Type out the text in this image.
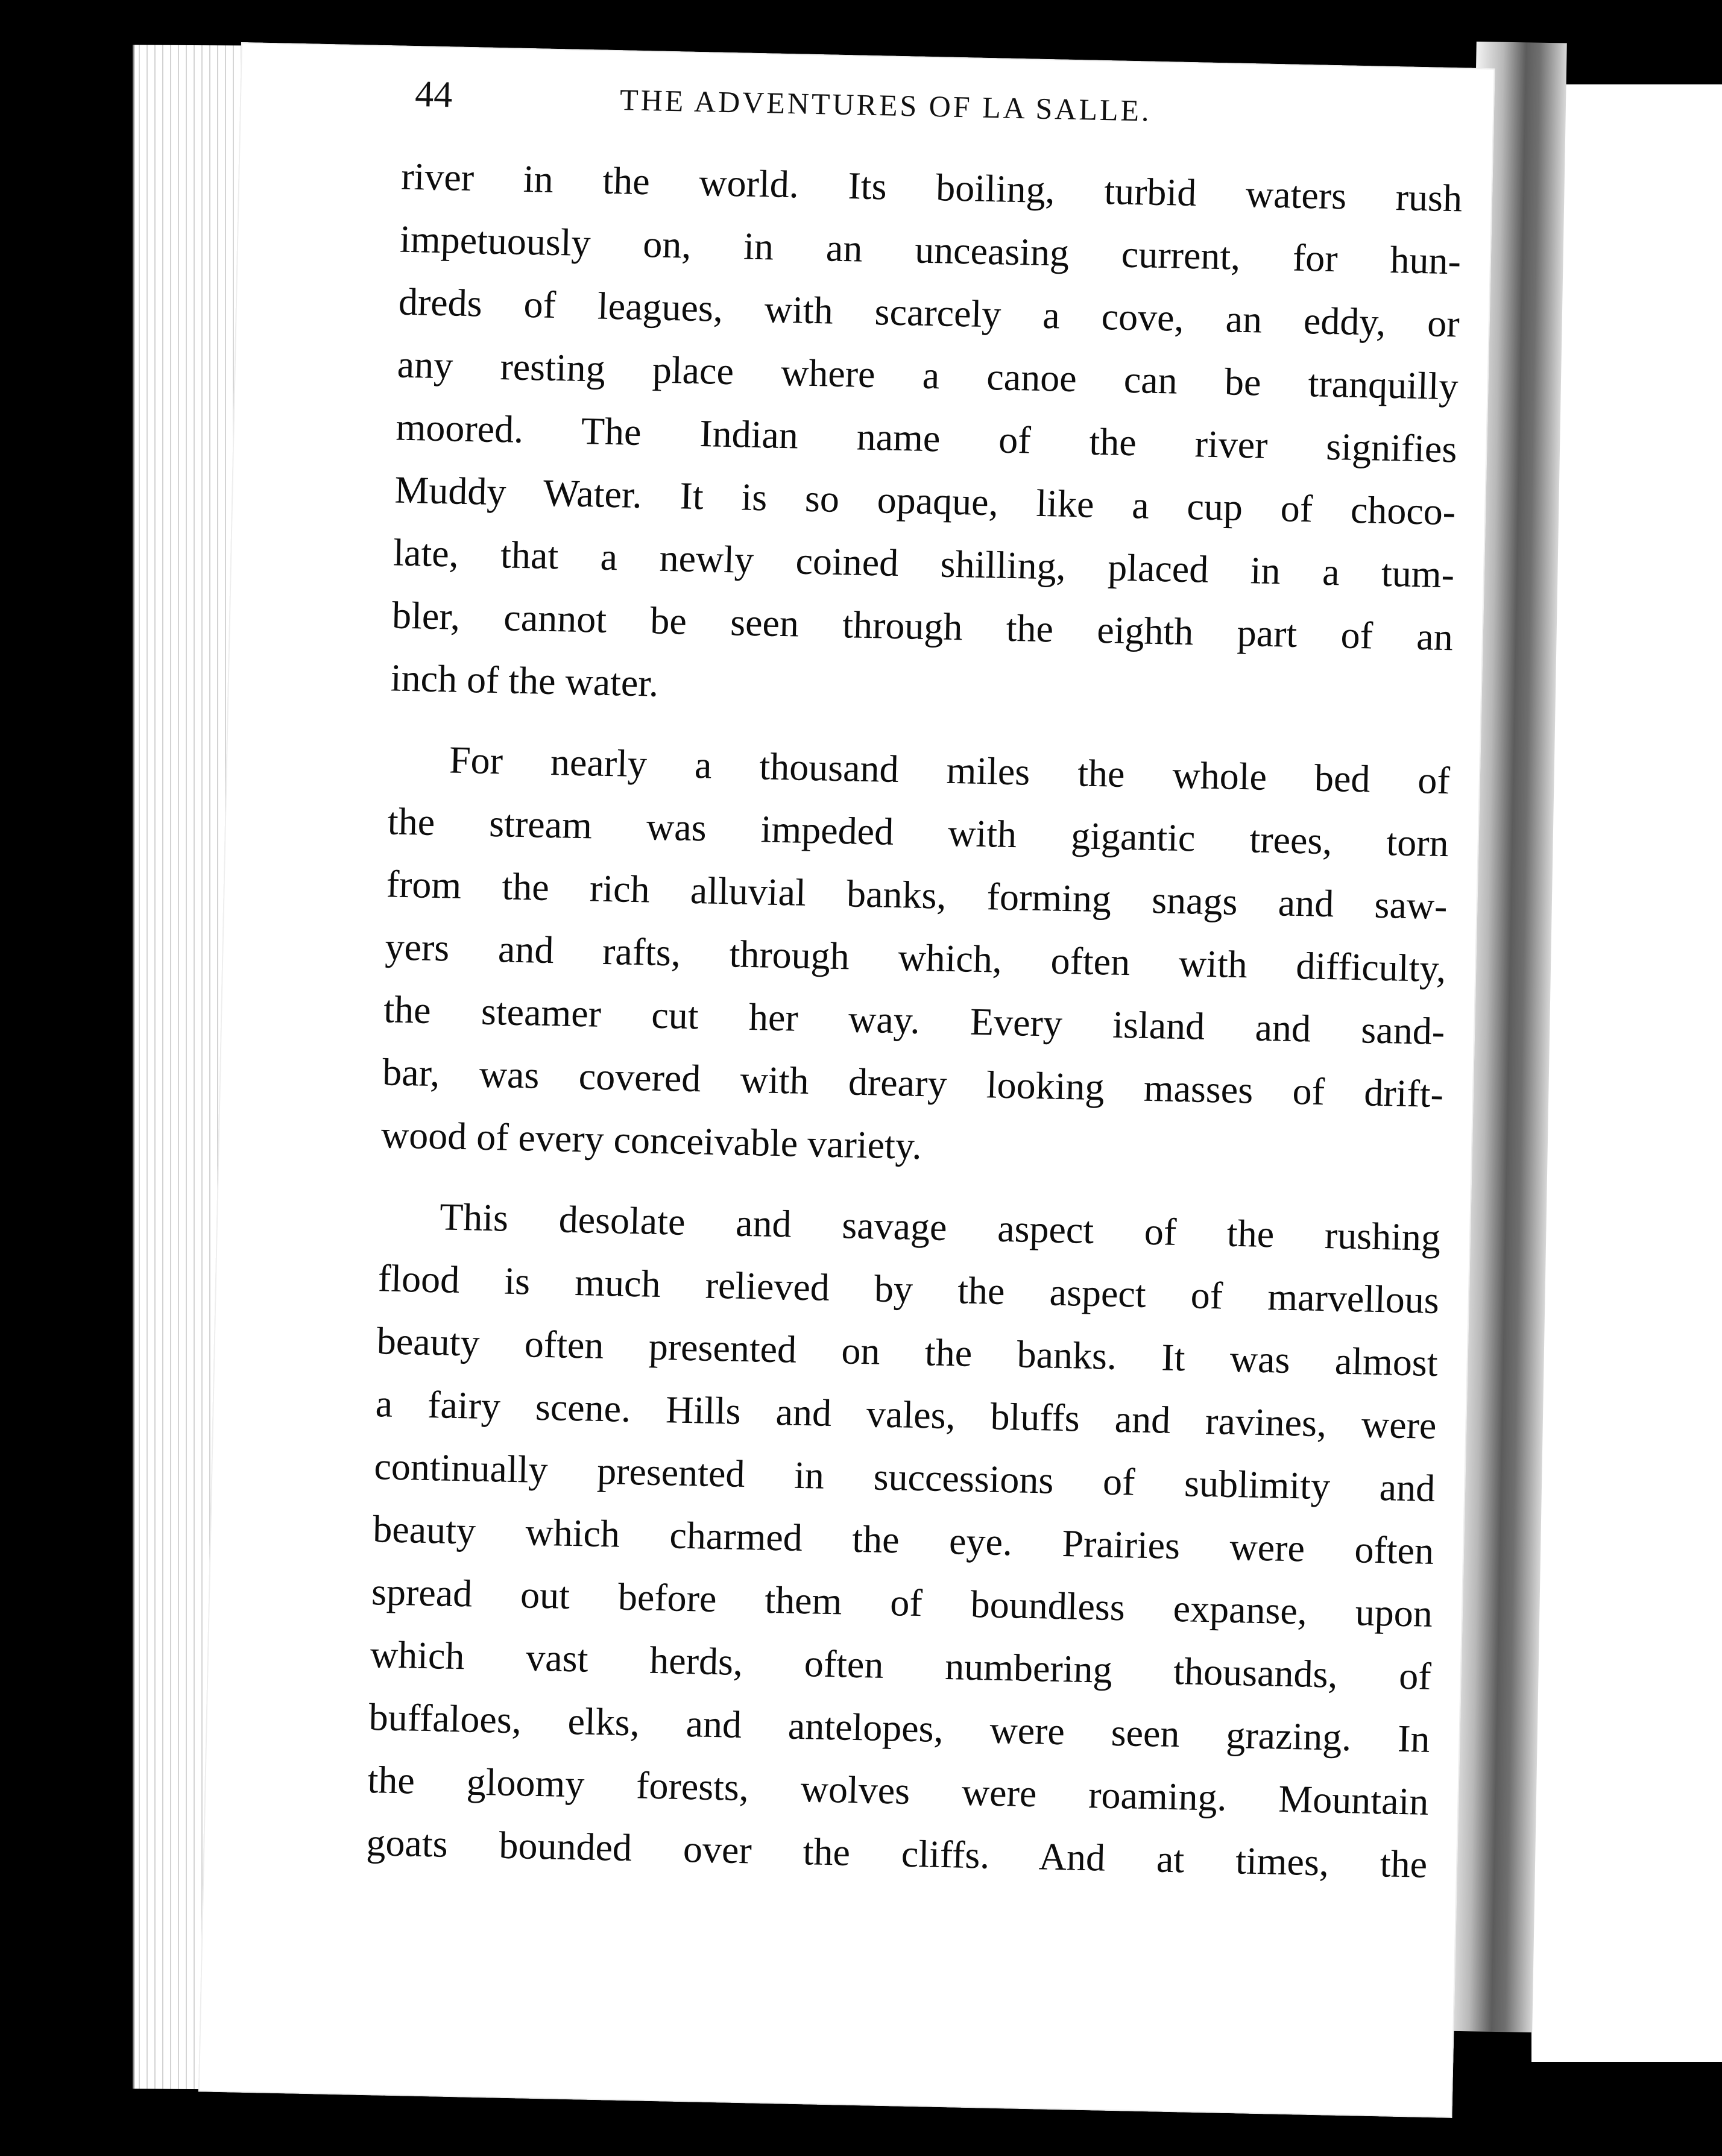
44	THE ADVENTURES OF LA SALLE.
river in the world. Its boiling, turbid waters rush
impetuously on, in an unceasing current, for hun-
dreds of leagues, with scarcely a cove, an eddy, or
any resting place where a canoe can be tranquilly
moored. The Indian name of the river signifies
Muddy Water. It is so opaque, like a cup of choco-
late, that a newly coined shilling, placed in a tum-
bler, cannot be seen through the eighth part of an
inch of the water.
For nearly a thousand miles the whole bed of
the stream was impeded with gigantic trees, torn
from the rich alluvial banks, forming snags and saw-
yers and rafts, through which, often with difficulty,
the steamer cut her way. Every island and sand-
bar, was covered with dreary looking masses of drift-
wood of every conceivable variety.
This desolate and savage aspect of the rushing
flood is much relieved by the aspect of marvellous
beauty often presented on the banks. It was almost
a fairy scene. Hills and vales, bluffs and ravines, were
continually presented in successions of sublimity and
beauty which charmed the eye. Prairies were often
spread out before them of boundless expanse, upon
which vast herds, often numbering thousands, of
buffaloes, elks, and antelopes, were seen grazing. In
the gloomy forests, wolves were roaming. Mountain
goats bounded over the cliffs. And at times, the
